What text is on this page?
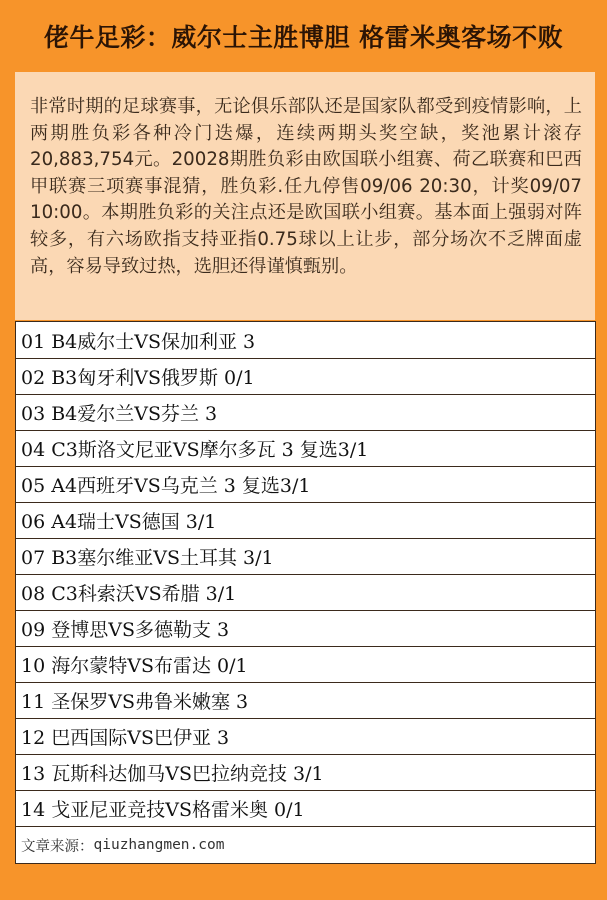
佬牛足彩：威尔士主胜博胆 格雷米奥客场不败
非常时期的足球赛事，无论俱乐部队还是国家队都受到疫情影响，上两期胜负彩各种冷门迭爆，连续两期头奖空缺，奖池累计滚存20,883,754元。20028期胜负彩由欧国联小组赛、荷乙联赛和巴西甲联赛三项赛事混猜，胜负彩.任九停售09/06 20:30，计奖09/07 10:00。本期胜负彩的关注点还是欧国联小组赛。基本面上强弱对阵较多，有六场欧指支持亚指0.75球以上让步，部分场次不乏牌面虚高，容易导致过热，选胆还得谨慎甄别。
01 B4威尔士VS保加利亚 3
02 B3匈牙利VS俄罗斯 0/1
03 B4爱尔兰VS芬兰 3
04 C3斯洛文尼亚VS摩尔多瓦 3 复选3/1
05 A4西班牙VS乌克兰 3 复选3/1
06 A4瑞士VS德国 3/1
07 B3塞尔维亚VS土耳其 3/1
08 C3科索沃VS希腊 3/1
09 登博思VS多德勒支 3
10 海尔蒙特VS布雷达 0/1
11 圣保罗VS弗鲁米嫩塞 3
12 巴西国际VS巴伊亚 3
13 瓦斯科达伽马VS巴拉纳竞技 3/1
14 戈亚尼亚竞技VS格雷米奥 0/1
文章来源： qiuzhangmen.com
